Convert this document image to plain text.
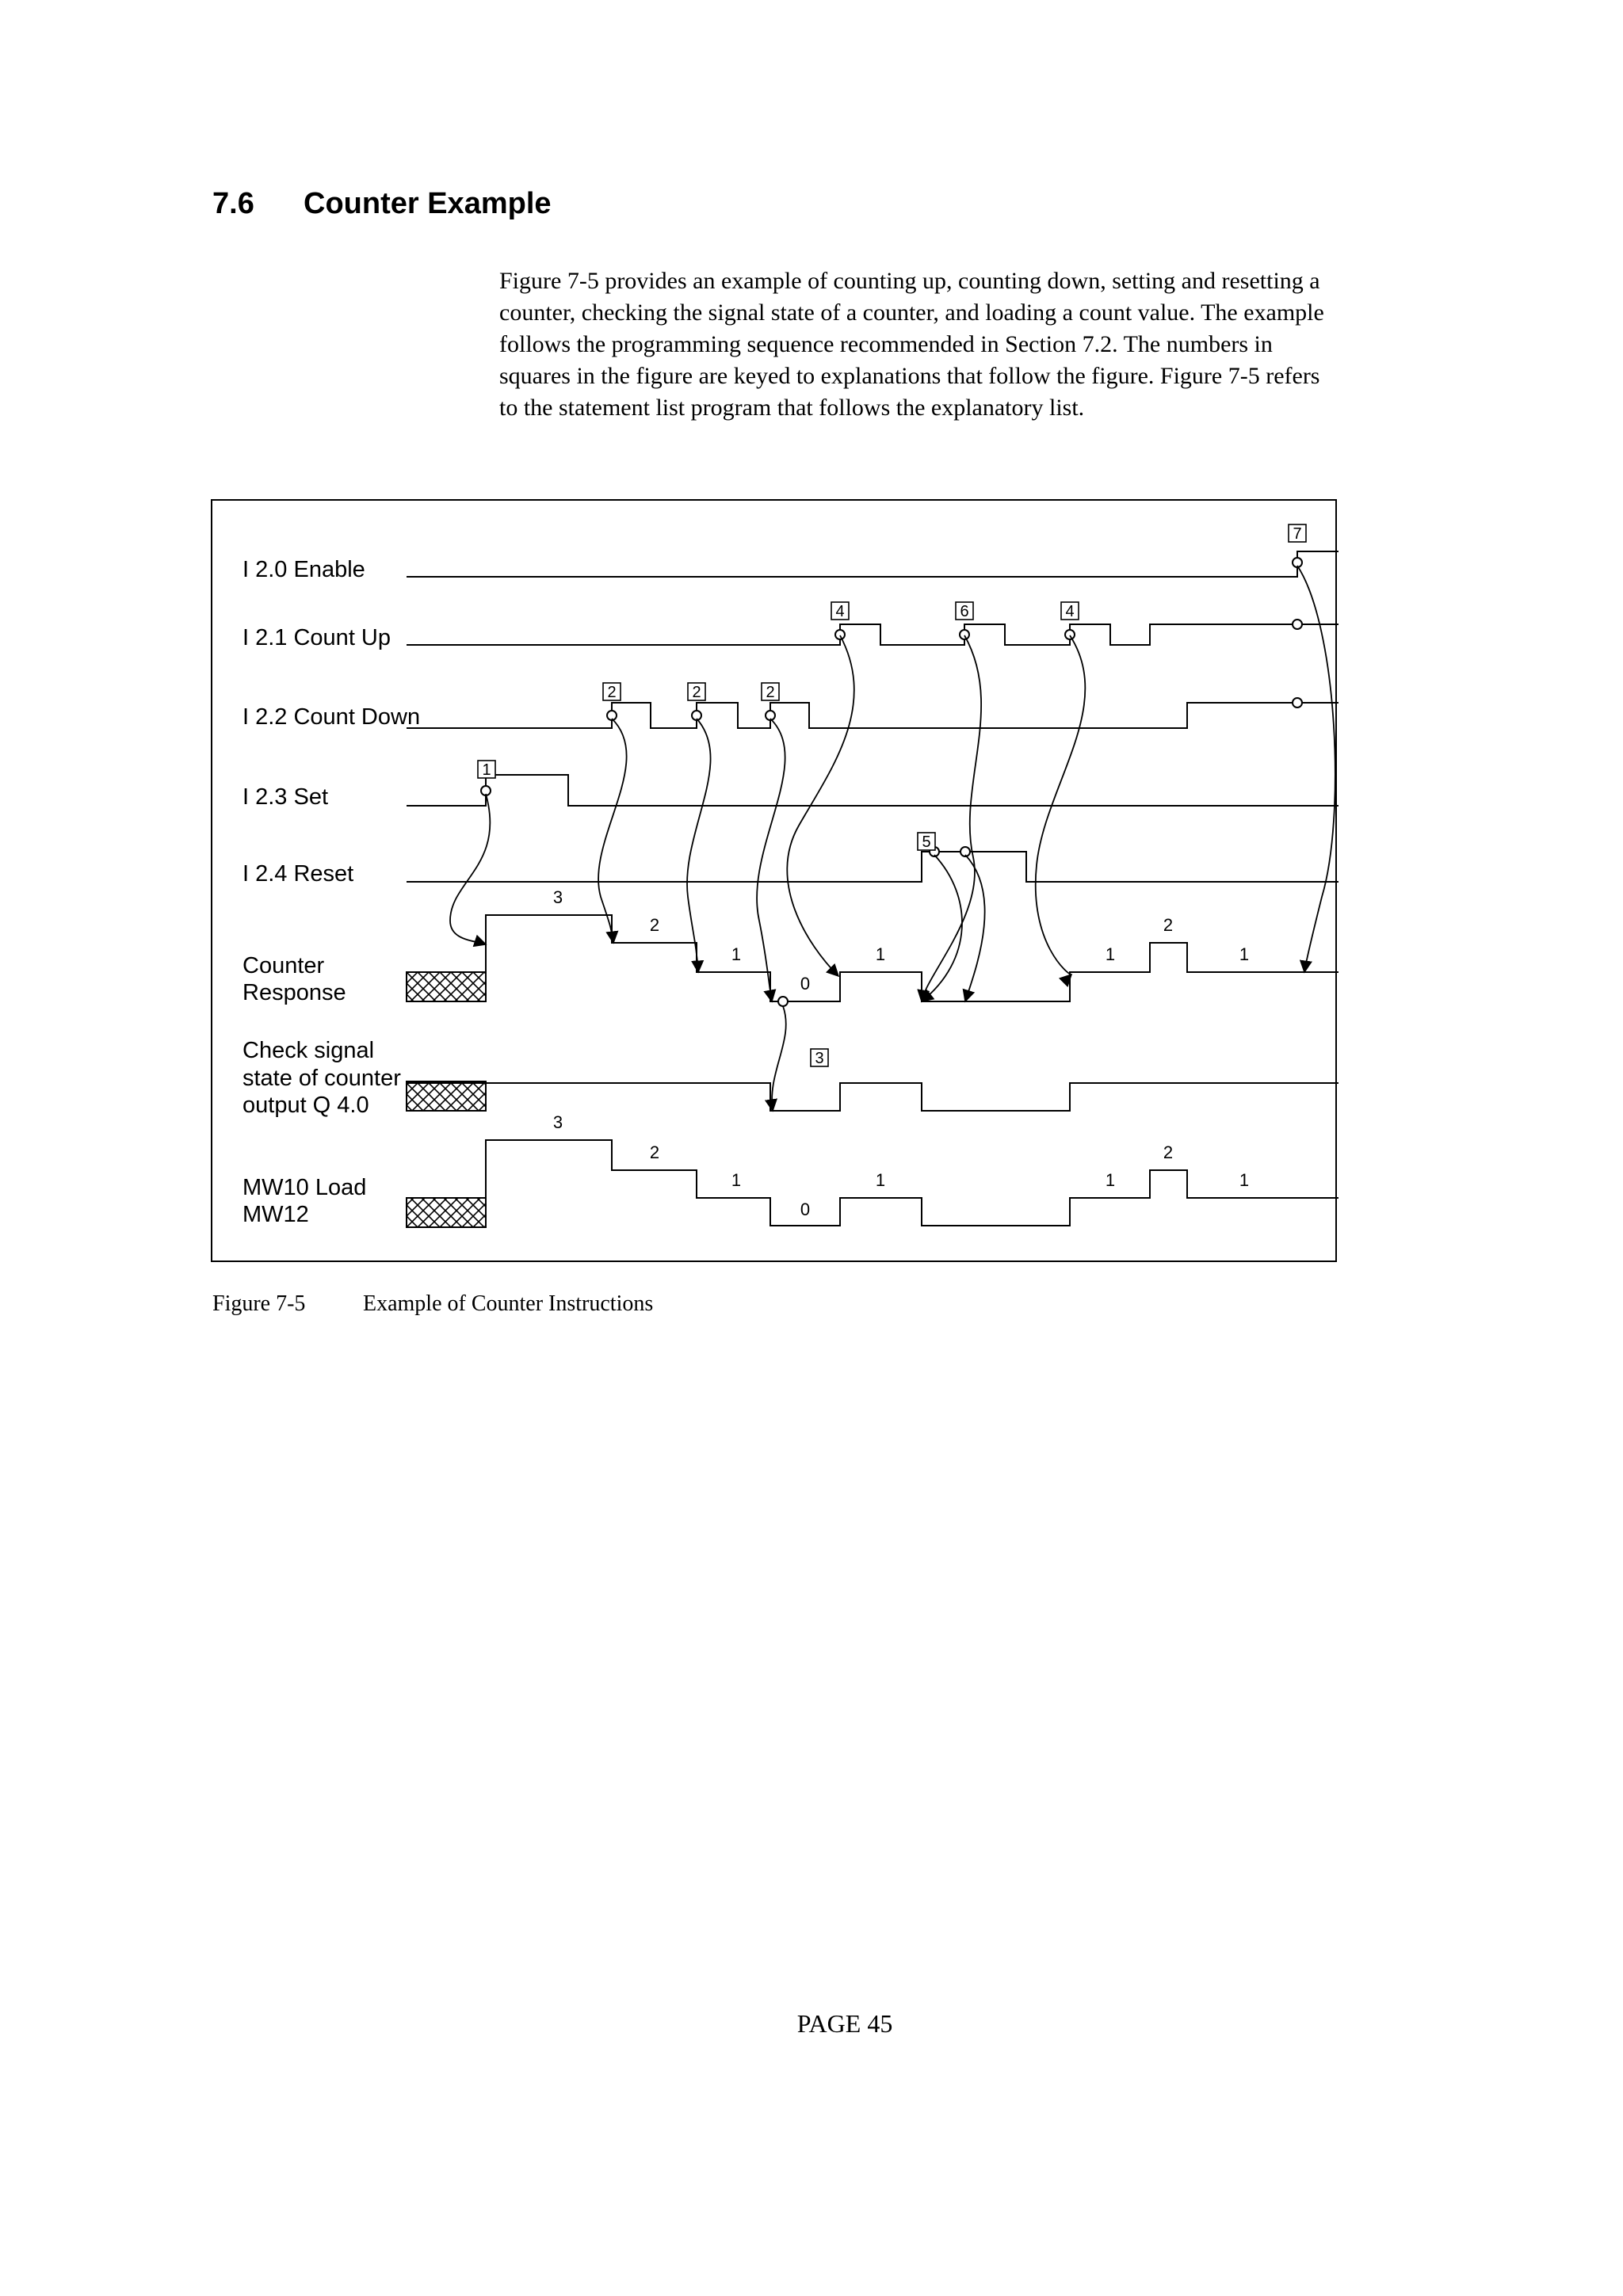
7.6 Counter Example

Figure 7-5 provides an example of counting up, counting down, setting and resetting a counter, checking the signal state of a counter, and loading a count value. The example follows the programming sequence recommended in Section 7.2. The numbers in squares in the figure are keyed to explanations that follow the figure. Figure 7-5 refers to the statement list program that follows the explanatory list.

I 2.0 Enable
I 2.1 Count Up
I 2.2 Count Down
I 2.3 Set
I 2.4 Reset
Counter
Response
Check signal
state of counter
output Q 4.0
MW10 Load
MW12
1
2	2	2
3
4	6	4
5
7
3
2
1
0
1	1
2
1
3
2
1
0
1	1
2
1
Figure 7-5	Example of Counter Instructions
PAGE 45
